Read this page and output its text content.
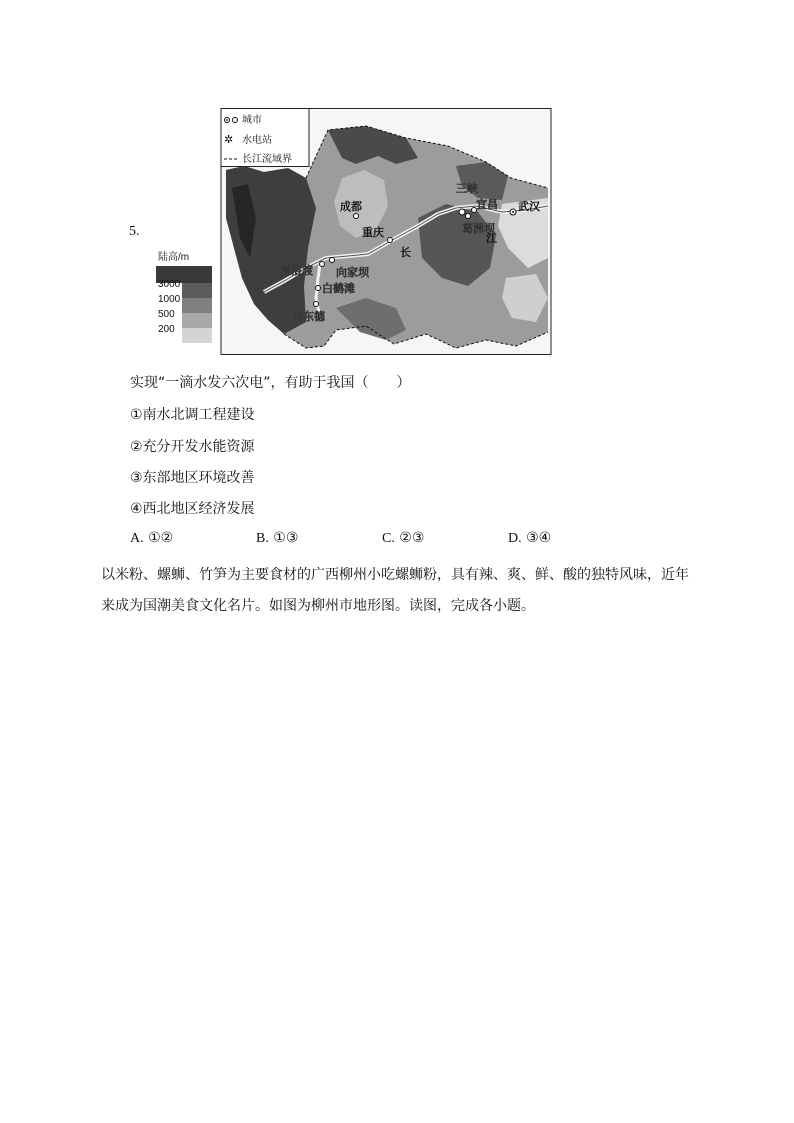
5.
陆高/m
3000
1000
500
200
成都
重庆
武汉
宜昌
三峡
葛洲坝
溪洛渡 向家坝
白鹤滩
乌东德
长
江
城市
✲ 水电站
长江流域界
实现“一滴水发六次电”，有助于我国（　　）
①南水北调工程建设
②充分开发水能资源
③东部地区环境改善
④西北地区经济发展
A. ①②	B. ①③	C. ②③	D. ③④
以米粉、螺蛳、竹笋为主要食材的广西柳州小吃螺蛳粉，具有辣、爽、鲜、酸的独特风味，近年来成为国潮美食文化名片。如图为柳州市地形图。读图，完成各小题。
